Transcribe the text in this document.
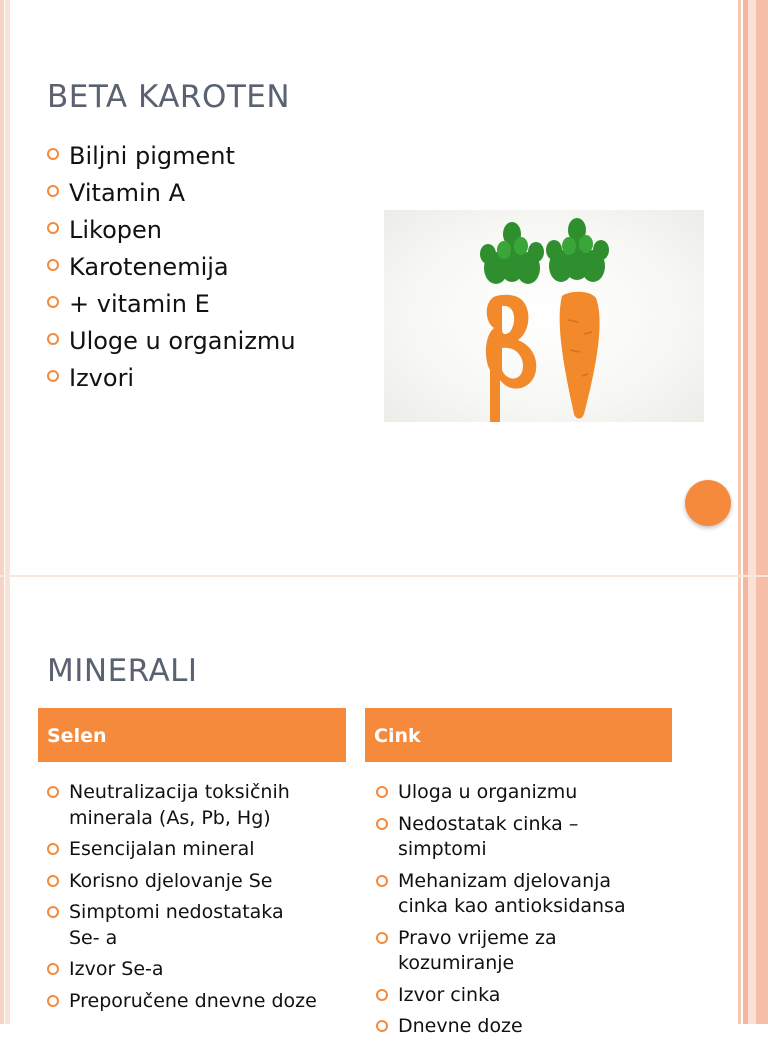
BETA KAROTEN
Biljni pigment
Vitamin A
Likopen
Karotenemija
+ vitamin E
Uloge u organizmu
Izvori
MINERALI
Selen	Cink
Neutralizacija toksičnih minerala (As, Pb, Hg)
Esencijalan mineral
Korisno djelovanje Se
Simptomi nedostataka Se- a
Izvor Se-a
Preporučene dnevne doze
Uloga u organizmu
Nedostatak cinka – simptomi
Mehanizam djelovanja cinka kao antioksidansa
Pravo vrijeme za kozumiranje
Izvor cinka
Dnevne doze
